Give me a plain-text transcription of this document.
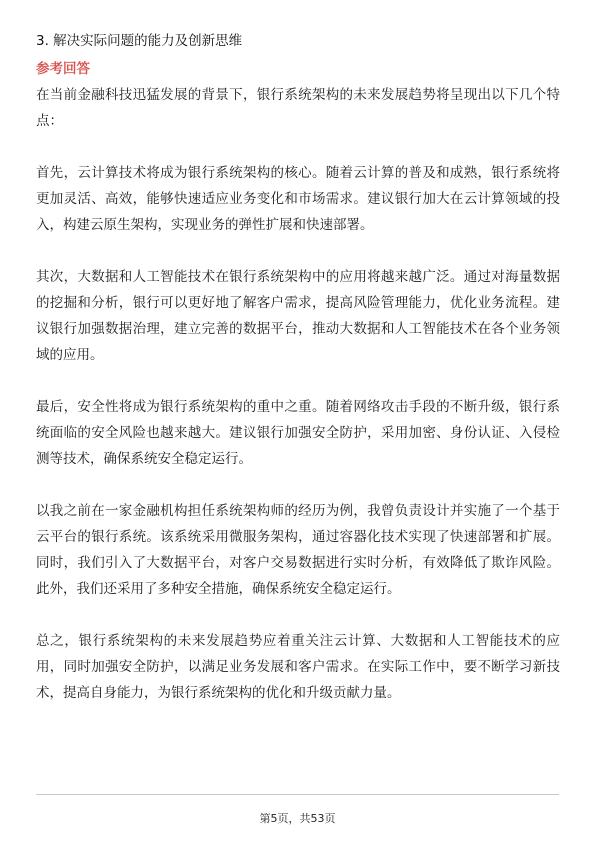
3. 解决实际问题的能力及创新思维
参考回答

在当前金融科技迅猛发展的背景下，银行系统架构的未来发展趋势将呈现出以下几个特点：

首先，云计算技术将成为银行系统架构的核心。随着云计算的普及和成熟，银行系统将更加灵活、高效，能够快速适应业务变化和市场需求。建议银行加大在云计算领域的投入，构建云原生架构，实现业务的弹性扩展和快速部署。

其次，大数据和人工智能技术在银行系统架构中的应用将越来越广泛。通过对海量数据的挖掘和分析，银行可以更好地了解客户需求，提高风险管理能力，优化业务流程。建议银行加强数据治理，建立完善的数据平台，推动大数据和人工智能技术在各个业务领域的应用。

最后，安全性将成为银行系统架构的重中之重。随着网络攻击手段的不断升级，银行系统面临的安全风险也越来越大。建议银行加强安全防护，采用加密、身份认证、入侵检测等技术，确保系统安全稳定运行。

以我之前在一家金融机构担任系统架构师的经历为例，我曾负责设计并实施了一个基于云平台的银行系统。该系统采用微服务架构，通过容器化技术实现了快速部署和扩展。同时，我们引入了大数据平台，对客户交易数据进行实时分析，有效降低了欺诈风险。此外，我们还采用了多种安全措施，确保系统安全稳定运行。

总之，银行系统架构的未来发展趋势应着重关注云计算、大数据和人工智能技术的应用，同时加强安全防护，以满足业务发展和客户需求。在实际工作中，要不断学习新技术，提高自身能力，为银行系统架构的优化和升级贡献力量。

第5页，共53页
